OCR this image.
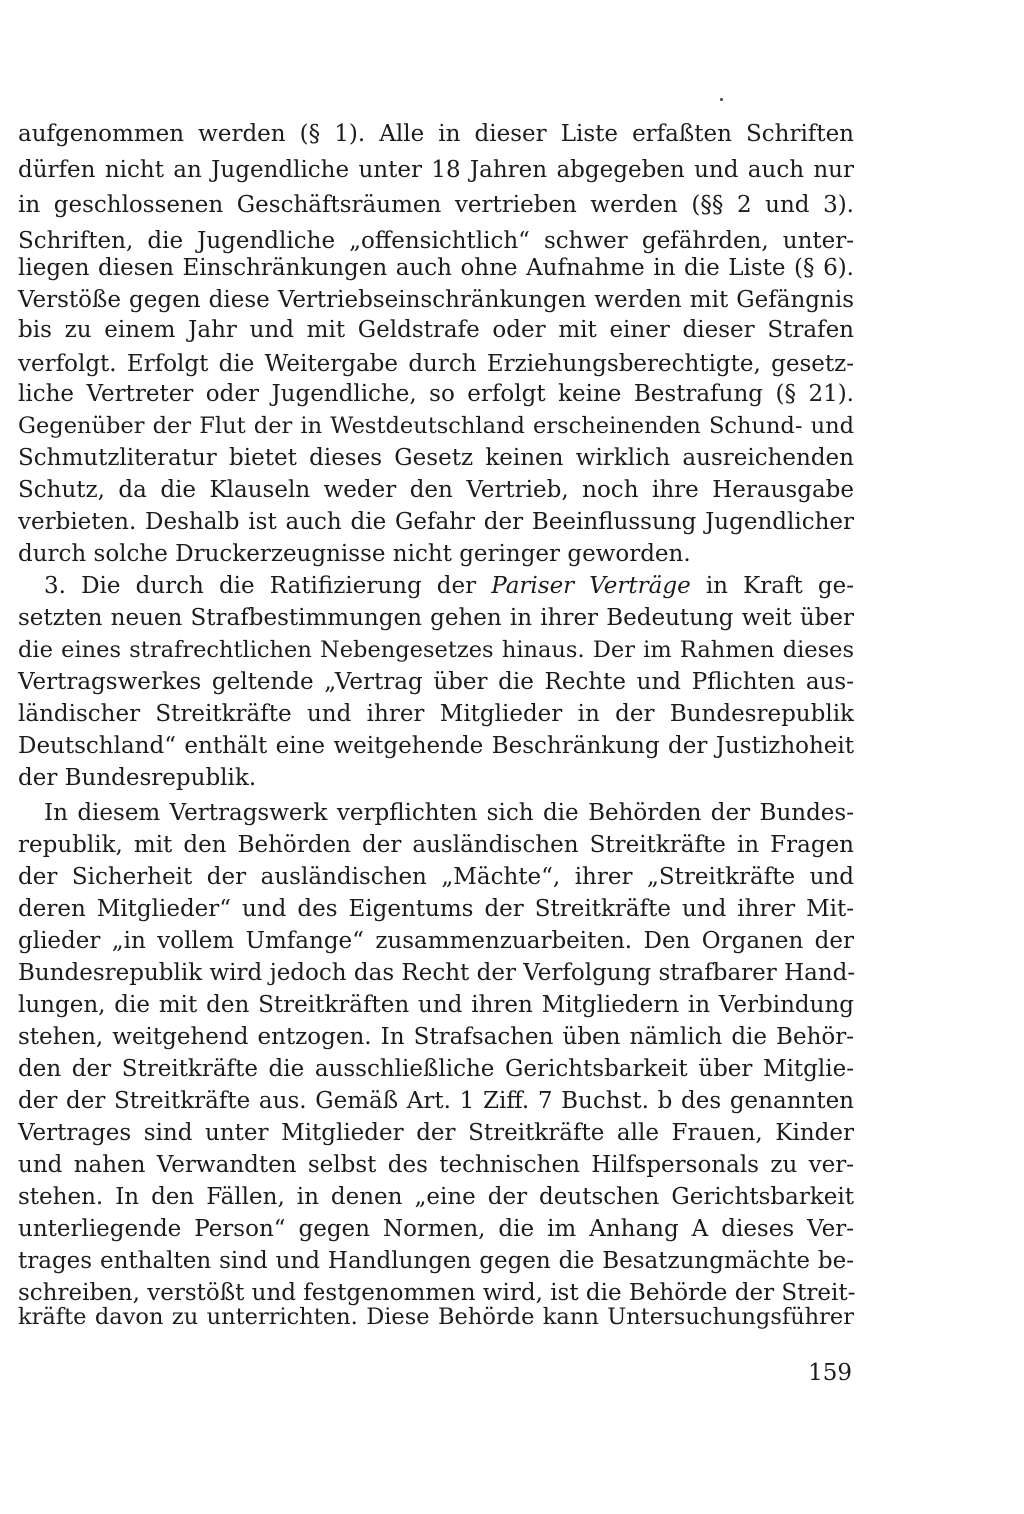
aufgenommen werden (§ 1). Alle in dieser Liste erfaßten Schriften

dürfen nicht an Jugendliche unter 18 Jahren abgegeben und auch nur

in geschlossenen Geschäftsräumen vertrieben werden (§§ 2 und 3).

Schriften, die Jugendliche „offensichtlich“ schwer gefährden, unter-

liegen diesen Einschränkungen auch ohne Aufnahme in die Liste (§ 6).

Verstöße gegen diese Vertriebseinschränkungen werden mit Gefängnis

bis zu einem Jahr und mit Geldstrafe oder mit einer dieser Strafen

verfolgt. Erfolgt die Weitergabe durch Erziehungsberechtigte, gesetz-

liche Vertreter oder Jugendliche, so erfolgt keine Bestrafung (§ 21).

Gegenüber der Flut der in Westdeutschland erscheinenden Schund- und

Schmutzliteratur bietet dieses Gesetz keinen wirklich ausreichenden

Schutz, da die Klauseln weder den Vertrieb, noch ihre Herausgabe

verbieten. Deshalb ist auch die Gefahr der Beeinflussung Jugendlicher

durch solche Druckerzeugnisse nicht geringer geworden.

3. Die durch die Ratifizierung der Pariser Verträge in Kraft ge-

setzten neuen Strafbestimmungen gehen in ihrer Bedeutung weit über

die eines strafrechtlichen Nebengesetzes hinaus. Der im Rahmen dieses

Vertragswerkes geltende „Vertrag über die Rechte und Pflichten aus-

ländischer Streitkräfte und ihrer Mitglieder in der Bundesrepublik

Deutschland“ enthält eine weitgehende Beschränkung der Justizhoheit

der Bundesrepublik.

In diesem Vertragswerk verpflichten sich die Behörden der Bundes-

republik, mit den Behörden der ausländischen Streitkräfte in Fragen

der Sicherheit der ausländischen „Mächte“, ihrer „Streitkräfte und

deren Mitglieder“ und des Eigentums der Streitkräfte und ihrer Mit-

glieder „in vollem Umfange“ zusammenzuarbeiten. Den Organen der

Bundesrepublik wird jedoch das Recht der Verfolgung strafbarer Hand-

lungen, die mit den Streitkräften und ihren Mitgliedern in Verbindung

stehen, weitgehend entzogen. In Strafsachen üben nämlich die Behör-

den der Streitkräfte die ausschließliche Gerichtsbarkeit über Mitglie-

der der Streitkräfte aus. Gemäß Art. 1 Ziff. 7 Buchst. b des genannten

Vertrages sind unter Mitglieder der Streitkräfte alle Frauen, Kinder

und nahen Verwandten selbst des technischen Hilfspersonals zu ver-

stehen. In den Fällen, in denen „eine der deutschen Gerichtsbarkeit

unterliegende Person“ gegen Normen, die im Anhang A dieses Ver-

trages enthalten sind und Handlungen gegen die Besatzungmächte be-

schreiben, verstößt und festgenommen wird, ist die Behörde der Streit-

kräfte davon zu unterrichten. Diese Behörde kann Untersuchungsführer

159
